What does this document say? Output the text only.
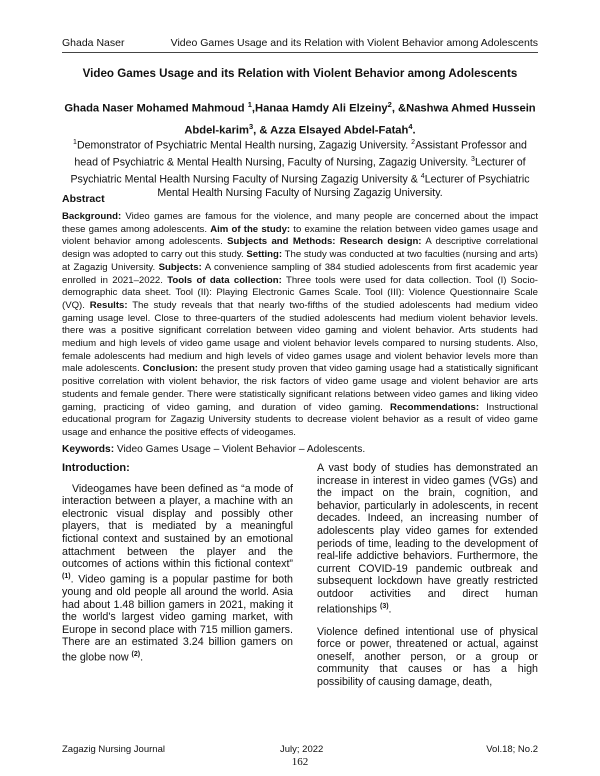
Ghada Naser	Video Games Usage and its Relation with Violent Behavior among Adolescents
Video Games Usage and its Relation with Violent Behavior among Adolescents
Ghada Naser Mohamed Mahmoud $^1$,Hanaa Hamdy Ali Elzeiny$^2$, &Nashwa Ahmed Hussein Abdel-karim$^3$, & Azza Elsayed Abdel-Fatah$^4$.
$^1$Demonstrator of Psychiatric Mental Health nursing, Zagazig University. $^2$Assistant Professor and head of Psychiatric & Mental Health Nursing, Faculty of Nursing, Zagazig University. $^3$Lecturer of Psychiatric Mental Health Nursing Faculty of Nursing Zagazig University & $^4$Lecturer of Psychiatric Mental Health Nursing Faculty of Nursing Zagazig University.
Abstract
Background: Video games are famous for the violence, and many people are concerned about the impact these games among adolescents. Aim of the study: to examine the relation between video games usage and violent behavior among adolescents. Subjects and Methods: Research design: A descriptive correlational design was adopted to carry out this study. Setting: The study was conducted at two faculties (nursing and arts) at Zagazig University. Subjects: A convenience sampling of 384 studied adolescents from first academic year enrolled in 2021–2022. Tools of data collection: Three tools were used for data collection. Tool (I) Socio-demographic data sheet. Tool (II): Playing Electronic Games Scale. Tool (III): Violence Questionnaire Scale (VQ). Results: The study reveals that that nearly two-fifths of the studied adolescents had medium video gaming usage level. Close to three-quarters of the studied adolescents had medium violent behavior levels. there was a positive significant correlation between video gaming and violent behavior. Arts students had medium and high levels of video game usage and violent behavior levels compared to nursing students. Also, female adolescents had medium and high levels of video games usage and violent behavior levels more than male adolescents. Conclusion: the present study proven that video gaming usage had a statistically significant positive correlation with violent behavior, the risk factors of video game usage and violent behavior are arts students and female gender. There were statistically significant relations between video games and liking video gaming, practicing of video gaming, and duration of video gaming. Recommendations: Instructional educational program for Zagazig University students to decrease violent behavior as a result of video game usage and enhance the positive effects of videogames.
Keywords: Video Games Usage – Violent Behavior – Adolescents.
Introduction:

Videogames have been defined as “a mode of interaction between a player, a machine with an electronic visual display and possibly other players, that is mediated by a meaningful fictional context and sustained by an emotional attachment between the player and the outcomes of actions within this fictional context” $^{(1)}$. Video gaming is a popular pastime for both young and old people all around the world. Asia had about 1.48 billion gamers in 2021, making it the world's largest video gaming market, with Europe in second place with 715 million gamers. There are an estimated 3.24 billion gamers on the globe now $^{(2)}$.

A vast body of studies has demonstrated an increase in interest in video games (VGs) and the impact on the brain, cognition, and behavior, particularly in adolescents, in recent decades. Indeed, an increasing number of adolescents play video games for extended periods of time, leading to the development of real-life addictive behaviors. Furthermore, the current COVID-19 pandemic outbreak and subsequent lockdown have greatly restricted outdoor activities and direct human relationships $^{(3)}$.

Violence defined intentional use of physical force or power, threatened or actual, against oneself, another person, or a group or community that causes or has a high possibility of causing damage, death,

Zagazig Nursing Journal	July; 2022	Vol.18; No.2
162
